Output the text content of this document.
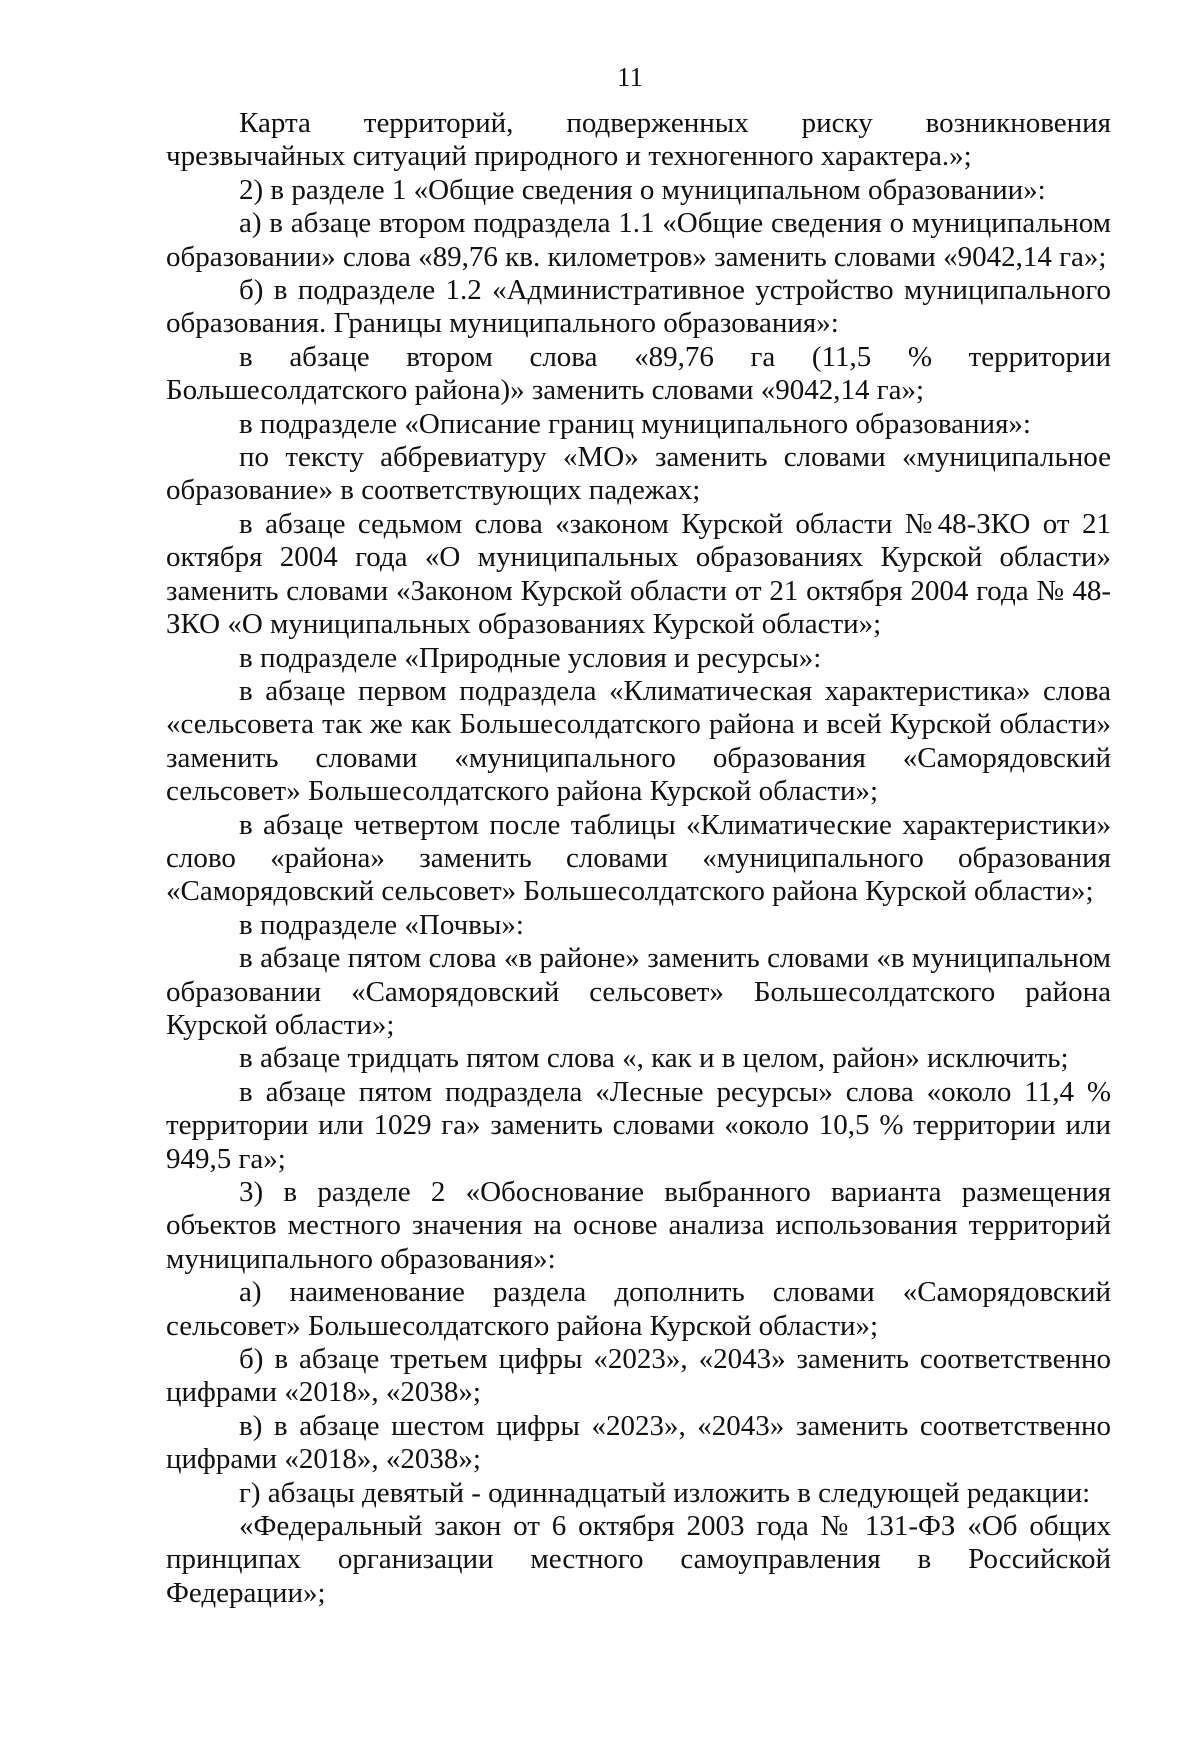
11

Карта территорий, подверженных риску возникновения чрезвычайных ситуаций природного и техногенного характера.»;

2) в разделе 1 «Общие сведения о муниципальном образовании»:

а) в абзаце втором подраздела 1.1 «Общие сведения о муниципальном образовании» слова «89,76 кв. километров» заменить словами «9042,14 га»;

б) в подразделе 1.2 «Административное устройство муниципального образования. Границы муниципального образования»:

в абзаце втором слова «89,76 га (11,5 % территории Большесолдатского района)» заменить словами «9042,14 га»;

в подразделе «Описание границ муниципального образования»:

по тексту аббревиатуру «МО» заменить словами «муниципальное образование» в соответствующих падежах;

в абзаце седьмом слова «законом Курской области №48-ЗКО от 21 октября 2004 года «О муниципальных образованиях Курской области» заменить словами «Законом Курской области от 21 октября 2004 года № 48-ЗКО «О муниципальных образованиях Курской области»;

в подразделе «Природные условия и ресурсы»:

в абзаце первом подраздела «Климатическая характеристика» слова «сельсовета так же как Большесолдатского района и всей Курской области» заменить словами «муниципального образования «Саморядовский сельсовет» Большесолдатского района Курской области»;

в абзаце четвертом после таблицы «Климатические характеристики» слово «района» заменить словами «муниципального образования «Саморядовский сельсовет» Большесолдатского района Курской области»;

в подразделе «Почвы»:

в абзаце пятом слова «в районе» заменить словами «в муниципальном образовании «Саморядовский сельсовет» Большесолдатского района Курской области»;

в абзаце тридцать пятом слова «, как и в целом, район» исключить;

в абзаце пятом подраздела «Лесные ресурсы» слова «около 11,4 % территории или 1029 га» заменить словами «около 10,5 % территории или 949,5 га»;

3) в разделе 2 «Обоснование выбранного варианта размещения объектов местного значения на основе анализа использования территорий муниципального образования»:

а) наименование раздела дополнить словами «Саморядовский сельсовет» Большесолдатского района Курской области»;

б) в абзаце третьем цифры «2023», «2043» заменить соответственно цифрами «2018», «2038»;

в) в абзаце шестом цифры «2023», «2043» заменить соответственно цифрами «2018», «2038»;

г) абзацы девятый - одиннадцатый изложить в следующей редакции:

«Федеральный закон от 6 октября 2003 года № 131-ФЗ «Об общих принципах организации местного самоуправления в Российской Федерации»;
